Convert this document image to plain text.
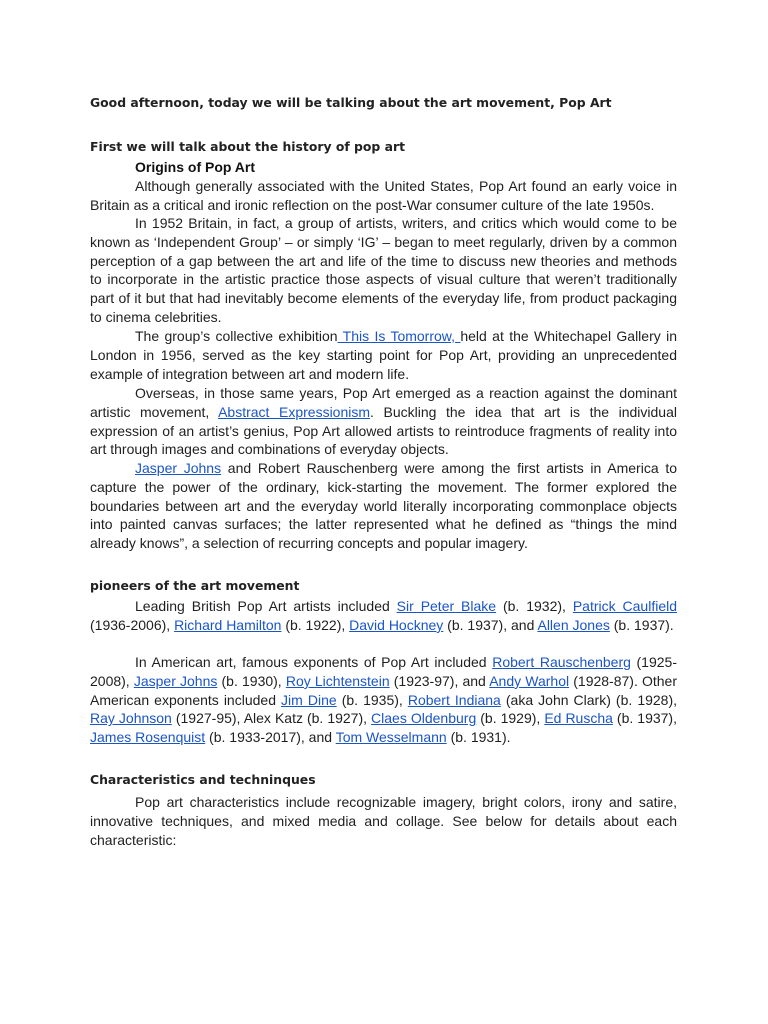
Good afternoon, today we will be talking about the art movement, Pop Art

First we will talk about the history of pop art

Origins of Pop Art

Although generally associated with the United States, Pop Art found an early voice in Britain as a critical and ironic reflection on the post-War consumer culture of the late 1950s.

In 1952 Britain, in fact, a group of artists, writers, and critics which would come to be known as ‘Independent Group’ – or simply ‘IG’ – began to meet regularly, driven by a common perception of a gap between the art and life of the time to discuss new theories and methods to incorporate in the artistic practice those aspects of visual culture that weren’t traditionally part of it but that had inevitably become elements of the everyday life, from product packaging to cinema celebrities.

The group’s collective exhibition This Is Tomorrow, held at the Whitechapel Gallery in London in 1956, served as the key starting point for Pop Art, providing an unprecedented example of integration between art and modern life.

Overseas, in those same years, Pop Art emerged as a reaction against the dominant artistic movement, Abstract Expressionism. Buckling the idea that art is the individual expression of an artist’s genius, Pop Art allowed artists to reintroduce fragments of reality into art through images and combinations of everyday objects.

Jasper Johns and Robert Rauschenberg were among the first artists in America to capture the power of the ordinary, kick-starting the movement. The former explored the boundaries between art and the everyday world literally incorporating commonplace objects into painted canvas surfaces; the latter represented what he defined as “things the mind already knows”, a selection of recurring concepts and popular imagery.

pioneers of the art movement

Leading British Pop Art artists included Sir Peter Blake (b. 1932), Patrick Caulfield (1936-2006), Richard Hamilton (b. 1922), David Hockney (b. 1937), and Allen Jones (b. 1937).

In American art, famous exponents of Pop Art included Robert Rauschenberg (1925-2008), Jasper Johns (b. 1930), Roy Lichtenstein (1923-97), and Andy Warhol (1928-87). Other American exponents included Jim Dine (b. 1935), Robert Indiana (aka John Clark) (b. 1928), Ray Johnson (1927-95), Alex Katz (b. 1927), Claes Oldenburg (b. 1929), Ed Ruscha (b. 1937), James Rosenquist (b. 1933-2017), and Tom Wesselmann (b. 1931).

Characteristics and techninques

Pop art characteristics include recognizable imagery, bright colors, irony and satire, innovative techniques, and mixed media and collage. See below for details about each characteristic:
